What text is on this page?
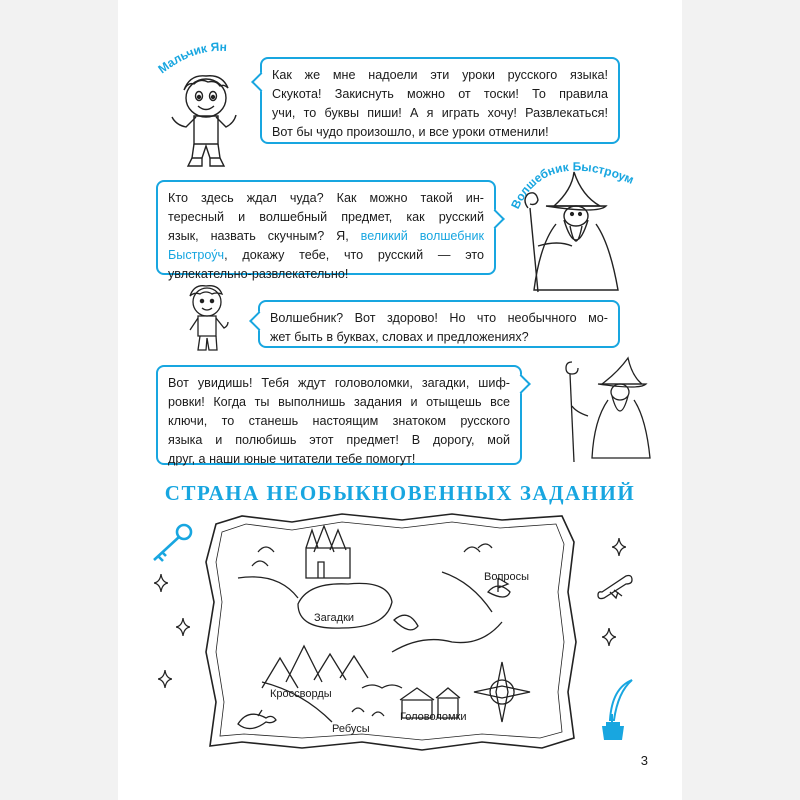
Мальчик Ян
Как же мне надоели эти уроки русского языка!
Скукота! Закиснуть можно от тоски! То правила
учи, то буквы пиши! А я играть хочу! Развлекаться!
Вот бы чудо произошло, и все уроки отменили!
Волшебник Быстроум
Кто здесь ждал чуда? Как можно такой ин-
тересный и волшебный предмет, как русский
язык, назвать скучным? Я, великий волшебник
Быстроу́ч, докажу тебе, что русский — это
увлекательно-развлекательно!
Волшебник? Вот здорово! Но что необычного мо-
жет быть в буквах, словах и предложениях?
Вот увидишь! Тебя ждут головоломки, загадки, шиф-
ровки! Когда ты выполнишь задания и отыщешь все
ключи, то станешь настоящим знатоком русского
языка и полюбишь этот предмет! В дорогу, мой
друг, а наши юные читатели тебе помогут!
СТРАНА НЕОБЫКНОВЕННЫХ ЗАДАНИЙ
Вопросы
Загадки
Кроссворды
Ребусы
Головоломки
3
